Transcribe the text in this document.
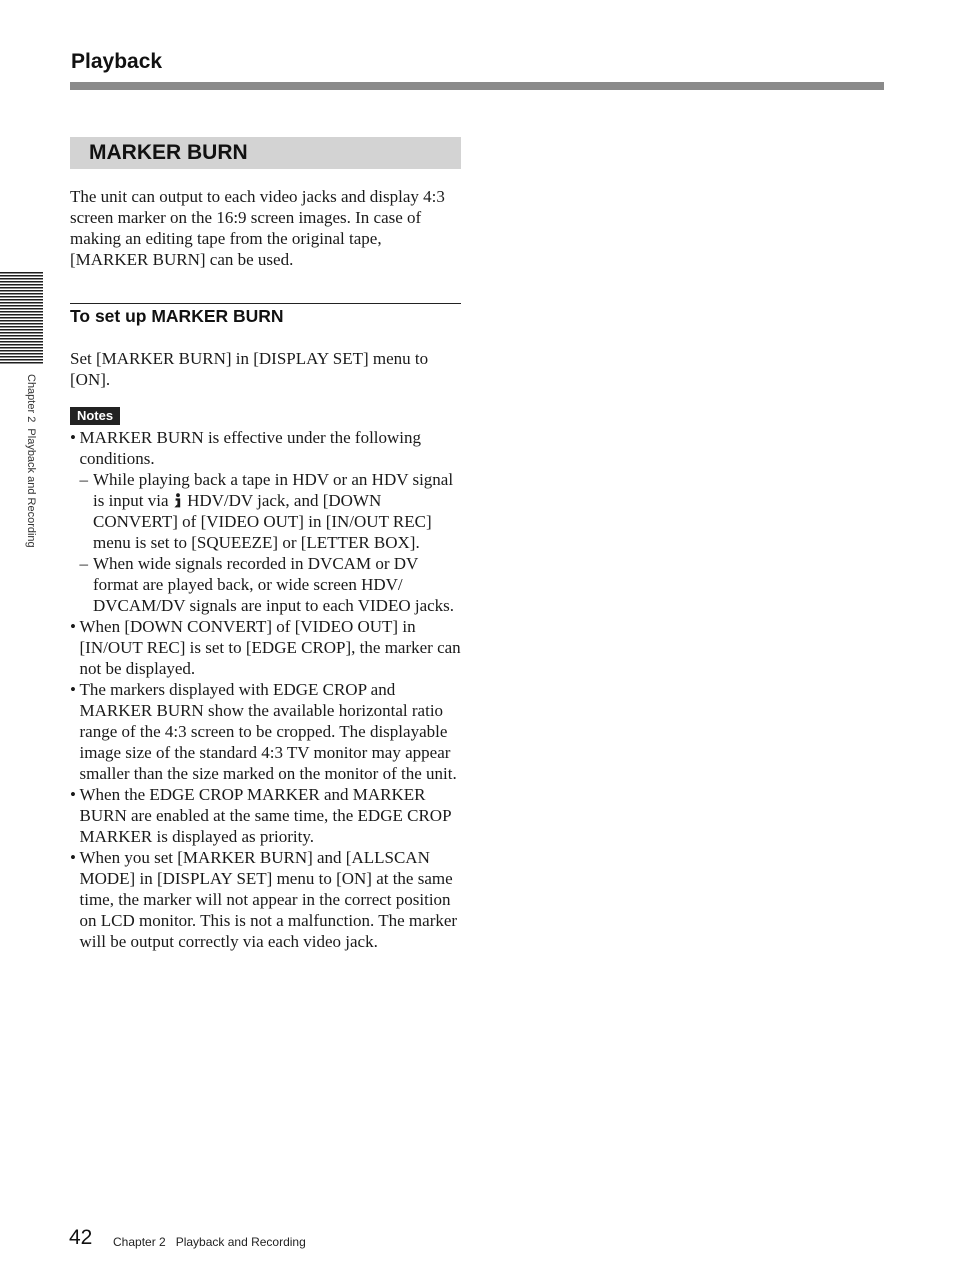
Playback
MARKER BURN

The unit can output to each video jacks and display 4:3 screen marker on the 16:9 screen images. In case of making an editing tape from the original tape, [MARKER BURN] can be used.

To set up MARKER BURN

Set [MARKER BURN] in [DISPLAY SET] menu to [ON].

Notes
• MARKER BURN is effective under the following conditions.
– While playing back a tape in HDV or an HDV signal is input via HDV/DV jack, and [DOWN CONVERT] of [VIDEO OUT] in [IN/OUT REC] menu is set to [SQUEEZE] or [LETTER BOX].
– When wide signals recorded in DVCAM or DV format are played back, or wide screen HDV/ DVCAM/DV signals are input to each VIDEO jacks.
• When [DOWN CONVERT] of [VIDEO OUT] in [IN/OUT REC] is set to [EDGE CROP], the marker can not be displayed.
• The markers displayed with EDGE CROP and MARKER BURN show the available horizontal ratio range of the 4:3 screen to be cropped. The displayable image size of the standard 4:3 TV monitor may appear smaller than the size marked on the monitor of the unit.
• When the EDGE CROP MARKER and MARKER BURN are enabled at the same time, the EDGE CROP MARKER is displayed as priority.
• When you set [MARKER BURN] and [ALLSCAN MODE] in [DISPLAY SET] menu to [ON] at the same time, the marker will not appear in the correct position on LCD monitor. This is not a malfunction. The marker will be output correctly via each video jack.
Chapter 2  Playback and Recording
42 Chapter 2   Playback and Recording
